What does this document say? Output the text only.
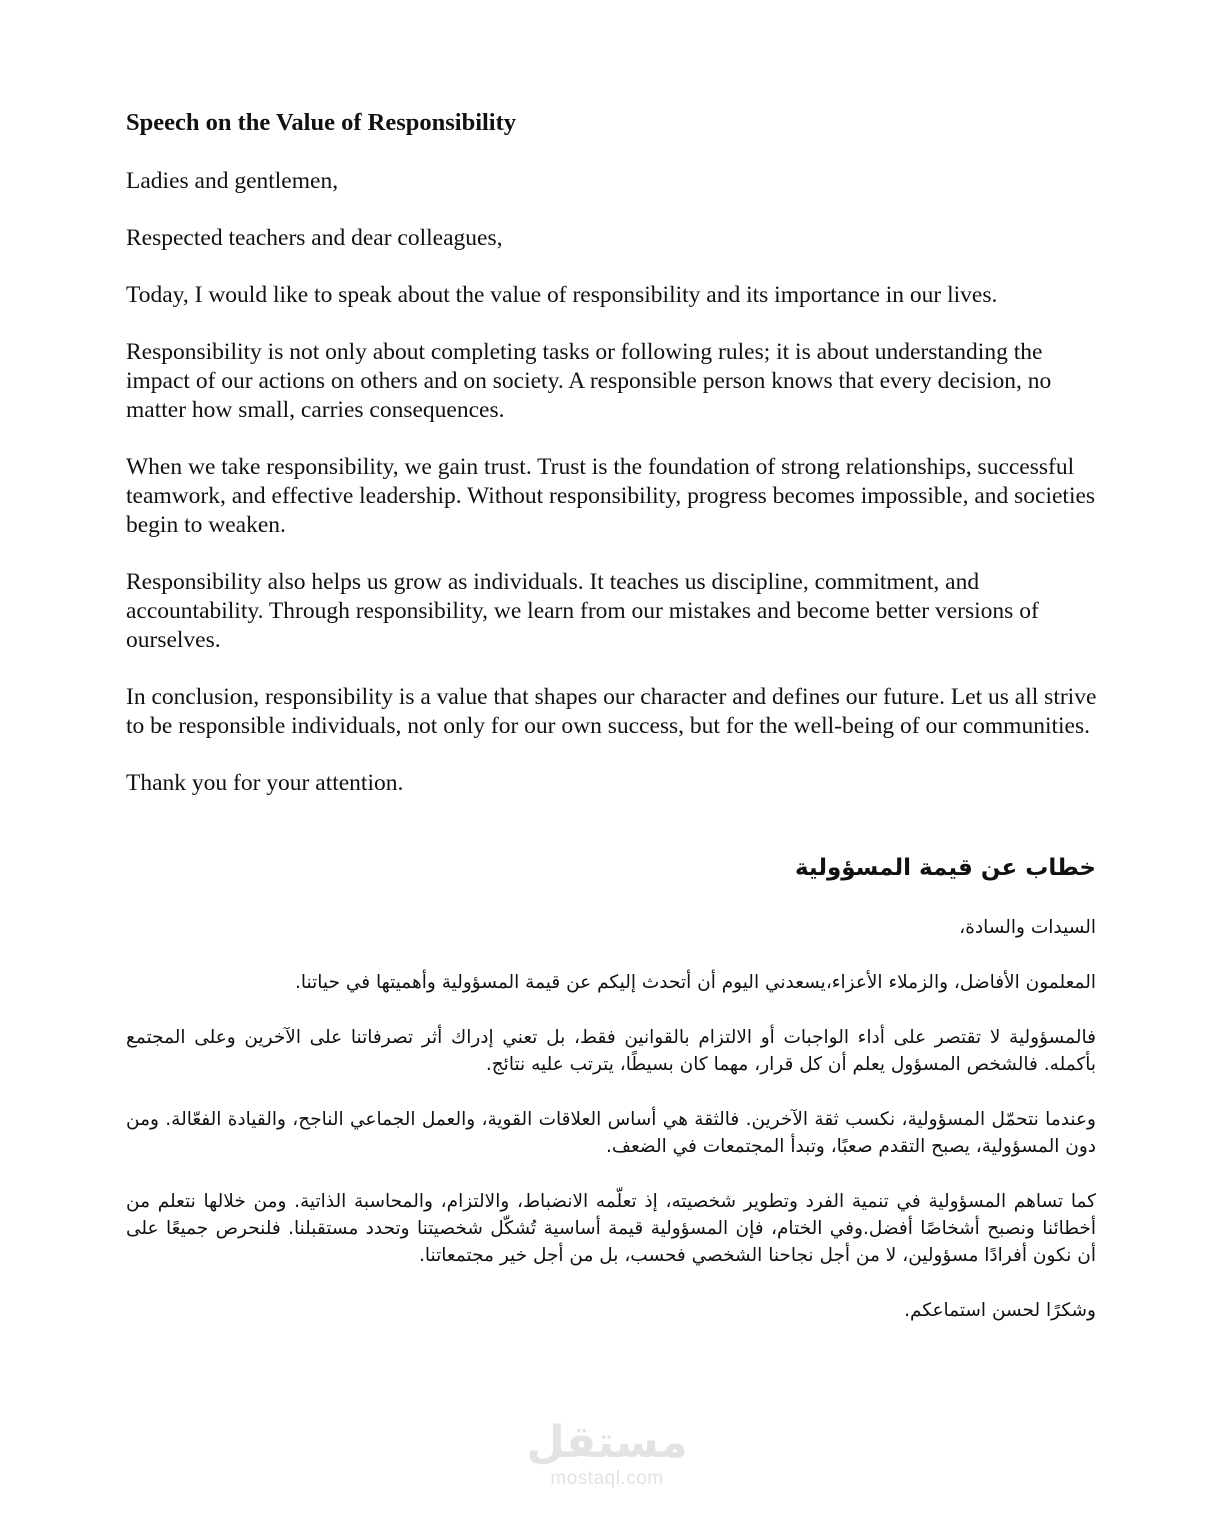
Speech on the Value of Responsibility

Ladies and gentlemen,

Respected teachers and dear colleagues,

Today, I would like to speak about the value of responsibility and its importance in our lives.

Responsibility is not only about completing tasks or following rules; it is about understanding the impact of our actions on others and on society. A responsible person knows that every decision, no matter how small, carries consequences.

When we take responsibility, we gain trust. Trust is the foundation of strong relationships, successful teamwork, and effective leadership. Without responsibility, progress becomes impossible, and societies begin to weaken.

Responsibility also helps us grow as individuals. It teaches us discipline, commitment, and accountability. Through responsibility, we learn from our mistakes and become better versions of ourselves.

In conclusion, responsibility is a value that shapes our character and defines our future. Let us all strive to be responsible individuals, not only for our own success, but for the well-being of our communities.

Thank you for your attention.

خطاب عن قيمة المسؤولية

السيدات والسادة،

المعلمون الأفاضل، والزملاء الأعزاء،يسعدني اليوم أن أتحدث إليكم عن قيمة المسؤولية وأهميتها في حياتنا.

فالمسؤولية لا تقتصر على أداء الواجبات أو الالتزام بالقوانين فقط، بل تعني إدراك أثر تصرفاتنا على الآخرين وعلى المجتمع بأكمله. فالشخص المسؤول يعلم أن كل قرار، مهما كان بسيطًا، يترتب عليه نتائج.

وعندما نتحمّل المسؤولية، نكسب ثقة الآخرين. فالثقة هي أساس العلاقات القوية، والعمل الجماعي الناجح، والقيادة الفعّالة. ومن دون المسؤولية، يصبح التقدم صعبًا، وتبدأ المجتمعات في الضعف.

كما تساهم المسؤولية في تنمية الفرد وتطوير شخصيته، إذ تعلّمه الانضباط، والالتزام، والمحاسبة الذاتية. ومن خلالها نتعلم من أخطائنا ونصبح أشخاصًا أفضل.وفي الختام، فإن المسؤولية قيمة أساسية تُشكّل شخصيتنا وتحدد مستقبلنا. فلنحرص جميعًا على أن نكون أفرادًا مسؤولين، لا من أجل نجاحنا الشخصي فحسب، بل من أجل خير مجتمعاتنا.

وشكرًا لحسن استماعكم.

مستقل
mostaql.com
